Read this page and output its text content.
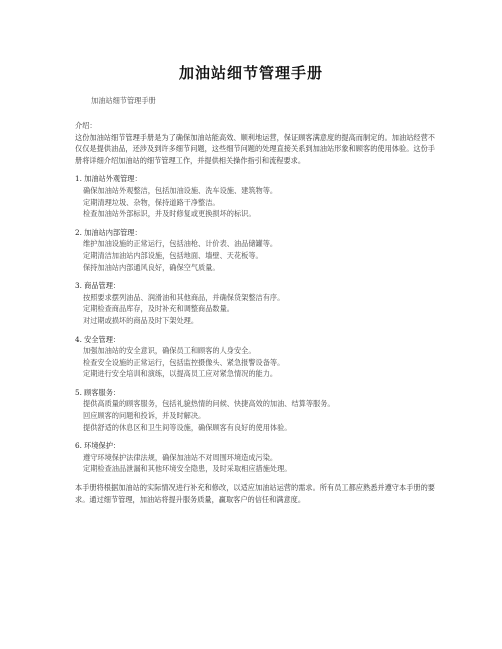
加油站细节管理手册
加油站细节管理手册

介绍：

这份加油站细节管理手册是为了确保加油站能高效、顺利地运营，保证顾客满意度的提高而制定的。加油站经营不仅仅是提供油品，还涉及到许多细节问题，这些细节问题的处理直接关系到加油站形象和顾客的使用体验。这份手册将详细介绍加油站的细节管理工作，并提供相关操作指引和流程要求。

1. 加油站外观管理：

确保加油站外观整洁，包括加油设施、洗车设施、建筑物等。

定期清理垃圾、杂物，保持道路干净整洁。

检查加油站外部标识，并及时修复或更换损坏的标识。

2. 加油站内部管理：

维护加油设施的正常运行，包括油枪、计价表、油品储罐等。

定期清洁加油站内部设施，包括地面、墙壁、天花板等。

保持加油站内部通风良好，确保空气质量。

3. 商品管理：

按照要求摆列油品、润滑油和其他商品，并确保货架整洁有序。

定期检查商品库存，及时补充和调整商品数量。

对过期或损坏的商品及时下架处理。

4. 安全管理：

加强加油站的安全意识，确保员工和顾客的人身安全。

检查安全设施的正常运行，包括监控摄像头、紧急报警设备等。

定期进行安全培训和演练，以提高员工应对紧急情况的能力。

5. 顾客服务：

提供高质量的顾客服务，包括礼貌热情的问候、快捷高效的加油、结算等服务。

回应顾客的问题和投诉，并及时解决。

提供舒适的休息区和卫生间等设施，确保顾客有良好的使用体验。

6. 环境保护：

遵守环境保护法律法规，确保加油站不对周围环境造成污染。

定期检查油品泄漏和其他环境安全隐患，及时采取相应措施处理。

本手册将根据加油站的实际情况进行补充和修改，以适应加油站运营的需求。所有员工都应熟悉并遵守本手册的要求。通过细节管理，加油站将提升服务质量，赢取客户的信任和满意度。
